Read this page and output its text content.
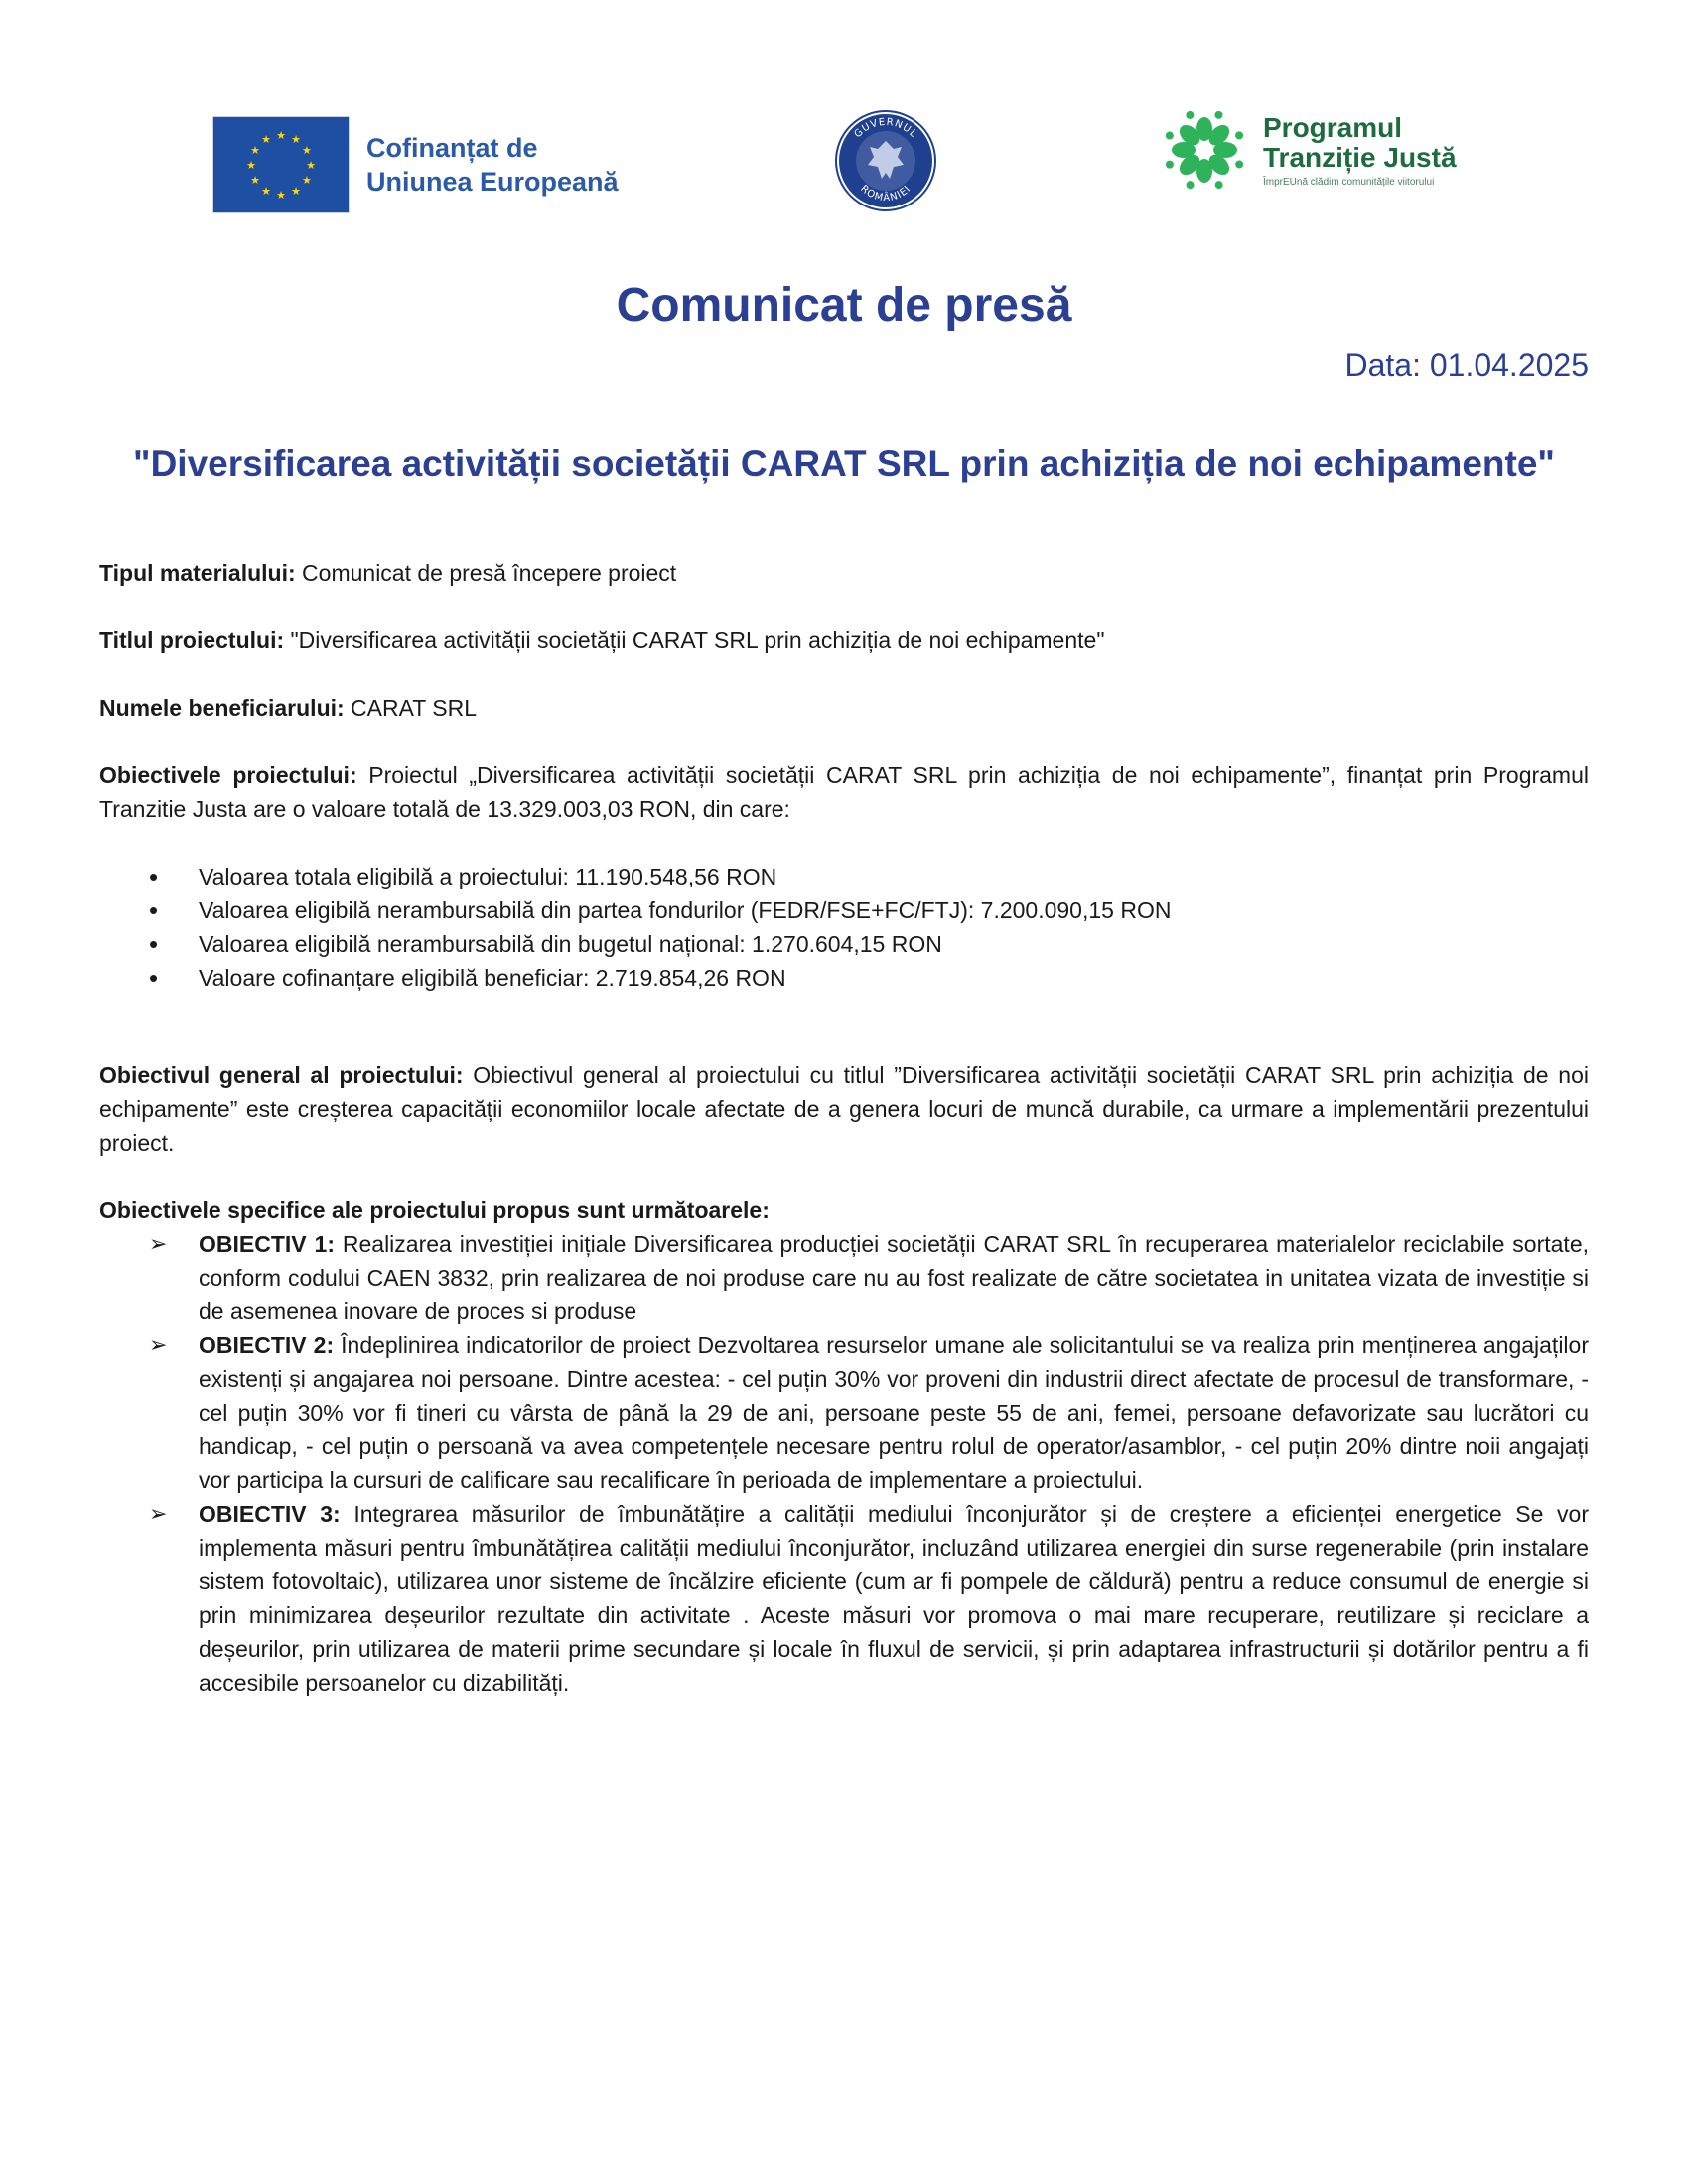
★ ★
★
★
★
★
★
★
★
★
★
★	Cofinanțat de
Uniunea Europeană
GUVERNUL
ROMÂNIEI
Programul
Tranziție Justă
ÎmprEUnă clădim comunitățile viitorului
Comunicat de presă
Data: 01.04.2025
"Diversificarea activității societății CARAT SRL prin achiziția de noi echipamente"

Tipul materialului: Comunicat de presă începere proiect

Titlul proiectului: "Diversificarea activității societății CARAT SRL prin achiziția de noi echipamente"

Numele beneficiarului: CARAT SRL

Obiectivele proiectului: Proiectul „Diversificarea activității societății CARAT SRL prin achiziția de noi echipamente”, finanțat prin Programul Tranzitie Justa are o valoare totală de 13.329.003,03 RON, din care:

• Valoarea totala eligibilă a proiectului: 11.190.548,56 RON
• Valoarea eligibilă nerambursabilă din partea fondurilor (FEDR/FSE+FC/FTJ): 7.200.090,15 RON
• Valoarea eligibilă nerambursabilă din bugetul național: 1.270.604,15 RON
• Valoare cofinanțare eligibilă beneficiar: 2.719.854,26 RON

Obiectivul general al proiectului: Obiectivul general al proiectului cu titlul ”Diversificarea activității societății CARAT SRL prin achiziția de noi echipamente” este creșterea capacității economiilor locale afectate de a genera locuri de muncă durabile, ca urmare a implementării prezentului proiect.

Obiectivele specifice ale proiectului propus sunt următoarele:

➢ OBIECTIV 1: Realizarea investiției inițiale Diversificarea producției societății CARAT SRL în recuperarea materialelor reciclabile sortate, conform codului CAEN 3832, prin realizarea de noi produse care nu au fost realizate de către societatea in unitatea vizata de investiție si de asemenea inovare de proces si produse
➢ OBIECTIV 2: Îndeplinirea indicatorilor de proiect Dezvoltarea resurselor umane ale solicitantului se va realiza prin menținerea angajaților existenți și angajarea noi persoane. Dintre acestea: - cel puțin 30% vor proveni din industrii direct afectate de procesul de transformare, - cel puțin 30% vor fi tineri cu vârsta de până la 29 de ani, persoane peste 55 de ani, femei, persoane defavorizate sau lucrători cu handicap, - cel puțin o persoană va avea competențele necesare pentru rolul de operator/asamblor, - cel puțin 20% dintre noii angajați vor participa la cursuri de calificare sau recalificare în perioada de implementare a proiectului.
➢ OBIECTIV 3: Integrarea măsurilor de îmbunătățire a calității mediului înconjurător și de creștere a eficienței energetice Se vor implementa măsuri pentru îmbunătățirea calității mediului înconjurător, incluzând utilizarea energiei din surse regenerabile (prin instalare sistem fotovoltaic), utilizarea unor sisteme de încălzire eficiente (cum ar fi pompele de căldură) pentru a reduce consumul de energie si prin minimizarea deșeurilor rezultate din activitate . Aceste măsuri vor promova o mai mare recuperare, reutilizare și reciclare a deșeurilor, prin utilizarea de materii prime secundare și locale în fluxul de servicii, și prin adaptarea infrastructurii și dotărilor pentru a fi accesibile persoanelor cu dizabilități.
